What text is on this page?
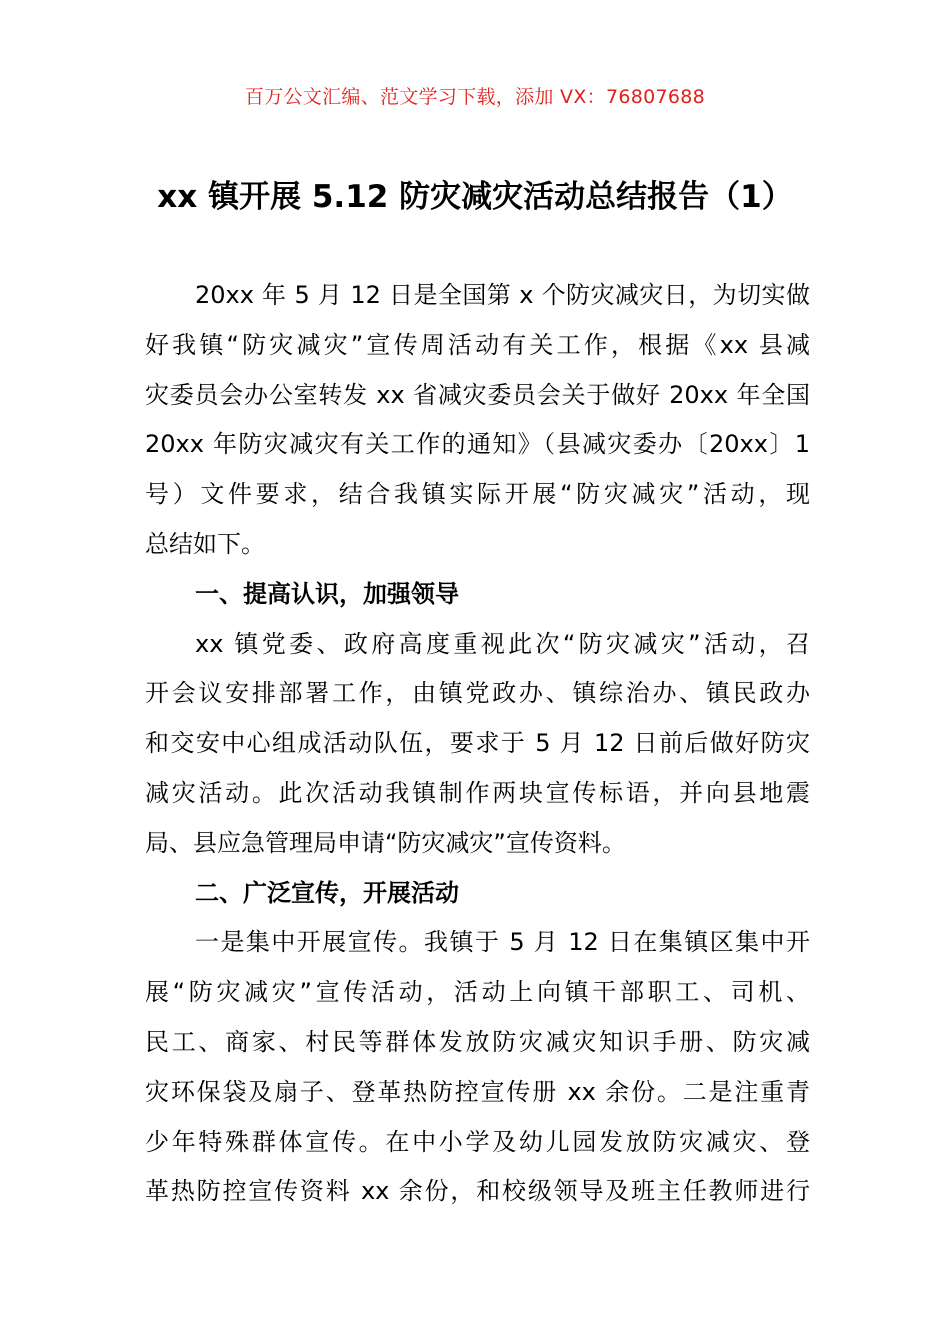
百万公文汇编、范文学习下载，添加 VX：76807688
xx 镇开展 5.12 防灾减灾活动总结报告（1）
20xx 年 5 月 12 日是全国第 x 个防灾减灾日，为切实做
好我镇“防灾减灾”宣传周活动有关工作，根据《xx 县减
灾委员会办公室转发 xx 省减灾委员会关于做好 20xx 年全国
20xx 年防灾减灾有关工作的通知》（县减灾委办〔20xx〕1
号）文件要求，结合我镇实际开展“防灾减灾”活动，现
总结如下。
一、提高认识，加强领导
xx 镇党委、政府高度重视此次“防灾减灾”活动，召
开会议安排部署工作，由镇党政办、镇综治办、镇民政办
和交安中心组成活动队伍，要求于 5 月 12 日前后做好防灾
减灾活动。此次活动我镇制作两块宣传标语，并向县地震
局、县应急管理局申请“防灾减灾”宣传资料。
二、广泛宣传，开展活动
一是集中开展宣传。我镇于 5 月 12 日在集镇区集中开
展“防灾减灾”宣传活动，活动上向镇干部职工、司机、
民工、商家、村民等群体发放防灾减灾知识手册、防灾减
灾环保袋及扇子、登革热防控宣传册 xx 余份。二是注重青
少年特殊群体宣传。在中小学及幼儿园发放防灾减灾、登
革热防控宣传资料 xx 余份，和校级领导及班主任教师进行
